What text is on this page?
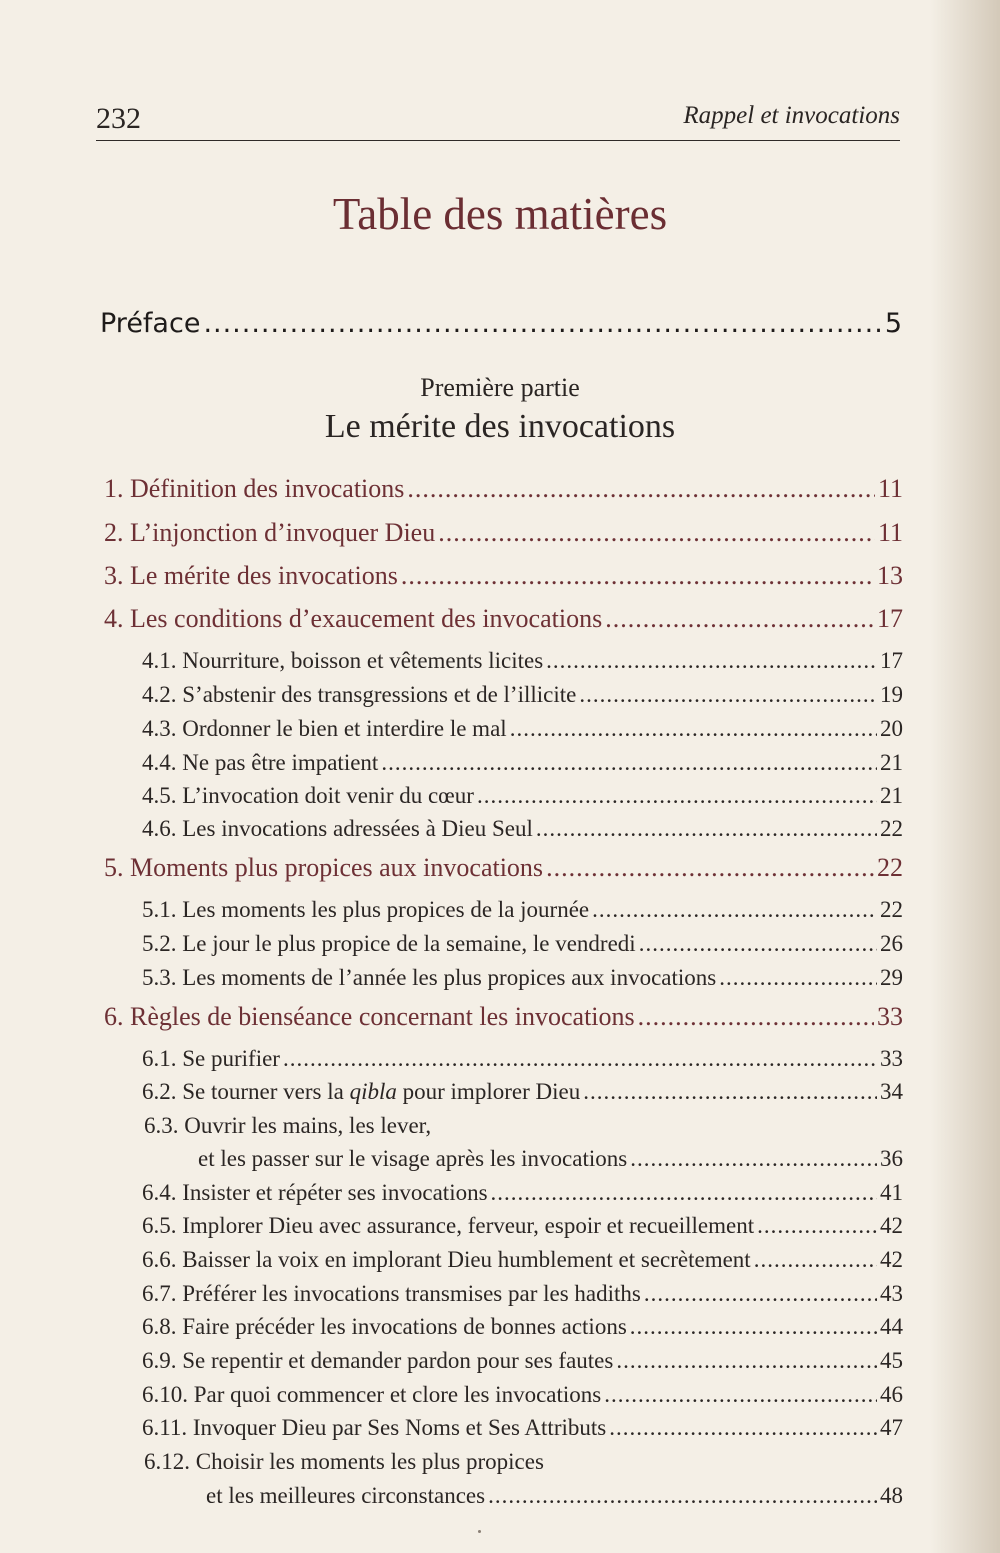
232	Rappel et invocations
Table des matières
Préface .....	5
Première partie
Le mérite des invocations
1. Définition des invocations .....	11
2. L’injonction d’invoquer Dieu .....	11
3. Le mérite des invocations .....	13
4. Les conditions d’exaucement des invocations .....	17
4.1. Nourriture, boisson et vêtements licites .....	17
4.2. S’abstenir des transgressions et de l’illicite .....	19
4.3. Ordonner le bien et interdire le mal .....	20
4.4. Ne pas être impatient .....	21
4.5. L’invocation doit venir du cœur .....	21
4.6. Les invocations adressées à Dieu Seul .....	22
5. Moments plus propices aux invocations .....	22
5.1. Les moments les plus propices de la journée .....	22
5.2. Le jour le plus propice de la semaine, le vendredi .....	26
5.3. Les moments de l’année les plus propices aux invocations .....	29
6. Règles de bienséance concernant les invocations .....	33
6.1. Se purifier .....	33
6.2. Se tourner vers la qibla pour implorer Dieu .....	34
6.3. Ouvrir les mains, les lever,
et les passer sur le visage après les invocations .....	36
6.4. Insister et répéter ses invocations .....	41
6.5. Implorer Dieu avec assurance, ferveur, espoir et recueillement .....	42
6.6. Baisser la voix en implorant Dieu humblement et secrètement .....	42
6.7. Préférer les invocations transmises par les hadiths .....	43
6.8. Faire précéder les invocations de bonnes actions .....	44
6.9. Se repentir et demander pardon pour ses fautes .....	45
6.10. Par quoi commencer et clore les invocations .....	46
6.11. Invoquer Dieu par Ses Noms et Ses Attributs .....	47
6.12. Choisir les moments les plus propices
et les meilleures circonstances .....	48
